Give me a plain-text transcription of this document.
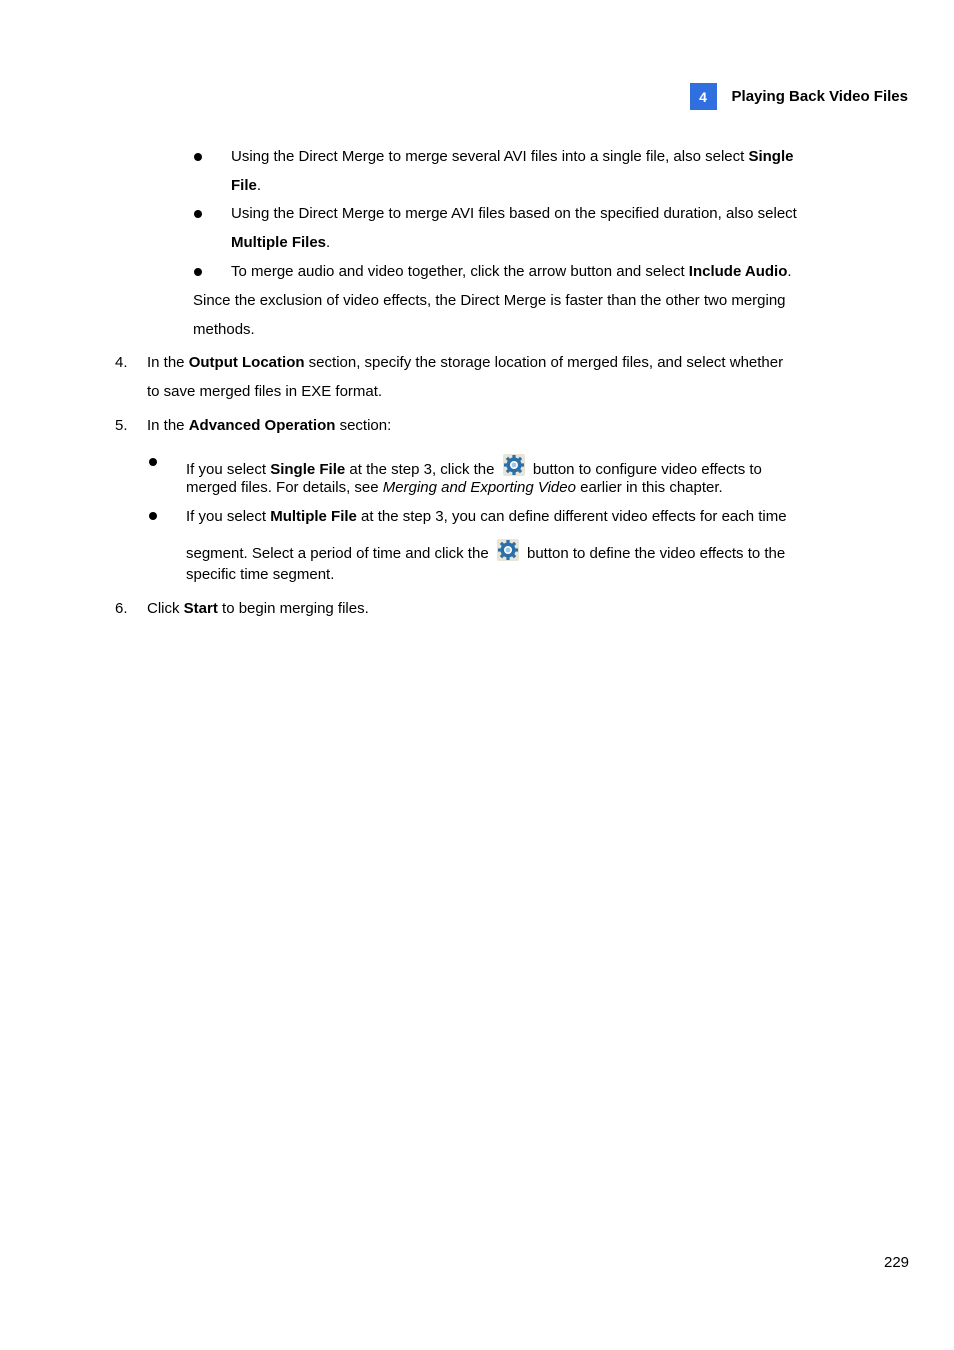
4	Playing Back Video Files
Using the Direct Merge to merge several AVI files into a single file, also select Single
File.
Using the Direct Merge to merge AVI files based on the specified duration, also select
Multiple Files.
To merge audio and video together, click the arrow button and select Include Audio.
Since the exclusion of video effects, the Direct Merge is faster than the other two merging
methods.
4. In the Output Location section, specify the storage location of merged files, and select whether
to save merged files in EXE format.
5. In the Advanced Operation section:
If you select Single File at the step 3, click the
button to configure video effects to
merged files. For details, see Merging and Exporting Video earlier in this chapter.
If you select Multiple File at the step 3, you can define different video effects for each time
segment. Select a period of time and click the
button to define the video effects to the
specific time segment.
6. Click Start to begin merging files.
229
